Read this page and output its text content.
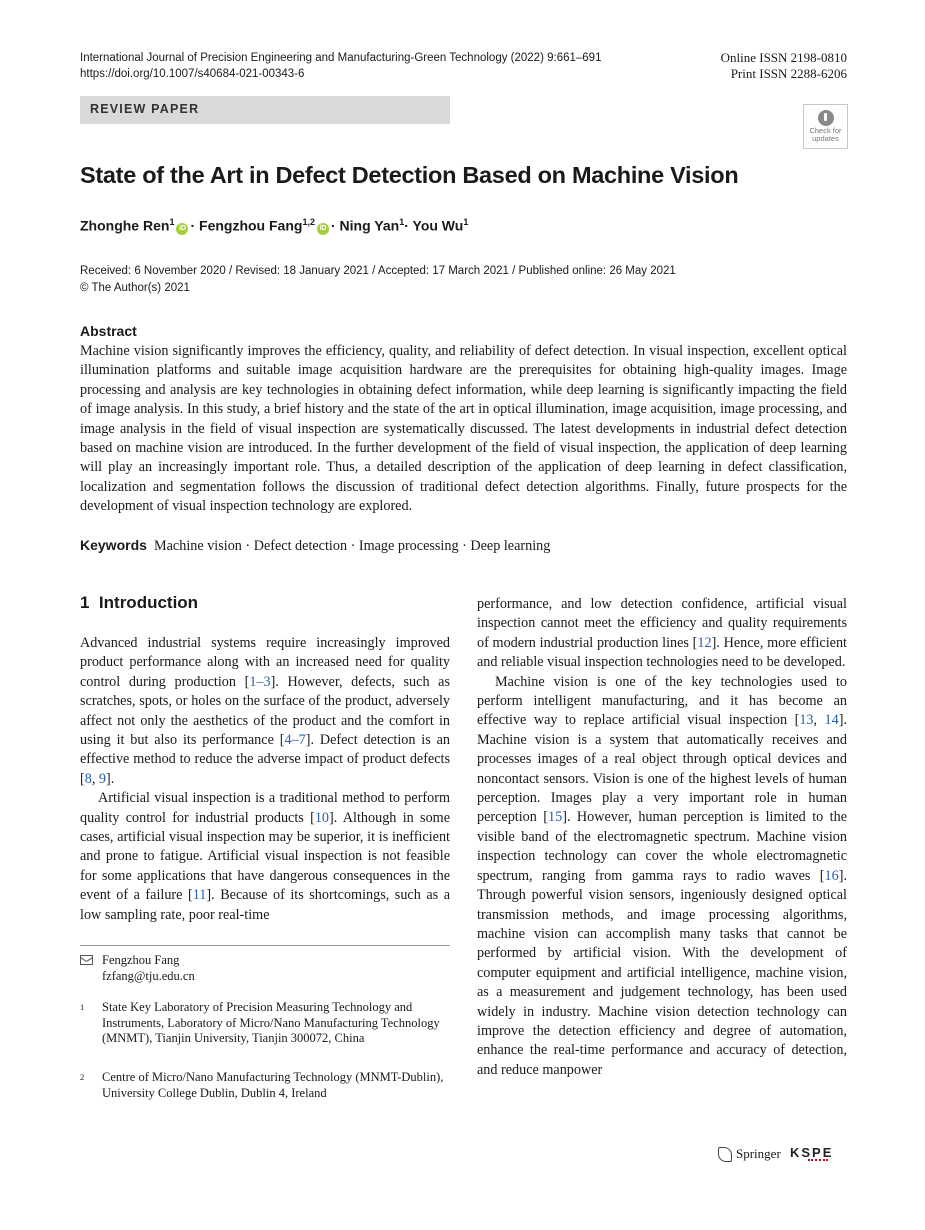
International Journal of Precision Engineering and Manufacturing-Green Technology (2022) 9:661–691
https://doi.org/10.1007/s40684-021-00343-6
Online ISSN 2198-0810
Print ISSN 2288-6206
REVIEW PAPER
Check for
updates
State of the Art in Defect Detection Based on Machine Vision
Zhonghe Ren$^1$iD · Fengzhou Fang$^{1,2}$iD · Ning Yan$^1$· You Wu$^1$
Received: 6 November 2020 / Revised: 18 January 2021 / Accepted: 17 March 2021 / Published online: 26 May 2021
© The Author(s) 2021
Abstract
Machine vision significantly improves the efficiency, quality, and reliability of defect detection. In visual inspection, excellent optical illumination platforms and suitable image acquisition hardware are the prerequisites for obtaining high-quality images. Image processing and analysis are key technologies in obtaining defect information, while deep learning is significantly impacting the field of image analysis. In this study, a brief history and the state of the art in optical illumination, image acquisition, image processing, and image analysis in the field of visual inspection are systematically discussed. The latest developments in industrial defect detection based on machine vision are introduced. In the further development of the field of visual inspection, the application of deep learning will play an increasingly important role. Thus, a detailed description of the application of deep learning in defect classification, localization and segmentation follows the discussion of traditional defect detection algorithms. Finally, future prospects for the development of visual inspection technology are explored.
Keywords Machine vision · Defect detection · Image processing · Deep learning
1 Introduction

Advanced industrial systems require increasingly improved product performance along with an increased need for quality control during production [1–3]. However, defects, such as scratches, spots, or holes on the surface of the product, adversely affect not only the aesthetics of the product and the comfort in using it but also its performance [4–7]. Defect detection is an effective method to reduce the adverse impact of product defects [8, 9].

Artificial visual inspection is a traditional method to perform quality control for industrial products [10]. Although in some cases, artificial visual inspection may be superior, it is inefficient and prone to fatigue. Artificial visual inspection is not feasible for some applications that have dangerous consequences in the event of a failure [11]. Because of its shortcomings, such as a low sampling rate, poor real-time

performance, and low detection confidence, artificial visual inspection cannot meet the efficiency and quality requirements of modern industrial production lines [12]. Hence, more efficient and reliable visual inspection technologies need to be developed.

Machine vision is one of the key technologies used to perform intelligent manufacturing, and it has become an effective way to replace artificial visual inspection [13, 14]. Machine vision is a system that automatically receives and processes images of a real object through optical devices and noncontact sensors. Vision is one of the highest levels of human perception. Images play a very important role in human perception [15]. However, human perception is limited to the visible band of the electromagnetic spectrum. Machine vision inspection technology can cover the whole electromagnetic spectrum, ranging from gamma rays to radio waves [16]. Through powerful vision sensors, ingeniously designed optical transmission methods, and image processing algorithms, machine vision can accomplish many tasks that cannot be performed by artificial vision. With the development of computer equipment and artificial intelligence, machine vision, as a measurement and judgement technology, has been used widely in industry. Machine vision detection technology can improve the detection efficiency and degree of automation, enhance the real-time performance and accuracy of detection, and reduce manpower

Fengzhou Fang
fzfang@tju.edu.cn
1 State Key Laboratory of Precision Measuring Technology and Instruments, Laboratory of Micro/Nano Manufacturing Technology (MNMT), Tianjin University, Tianjin 300072, China
2 Centre of Micro/Nano Manufacturing Technology (MNMT-Dublin), University College Dublin, Dublin 4, Ireland
Springer KSPE
